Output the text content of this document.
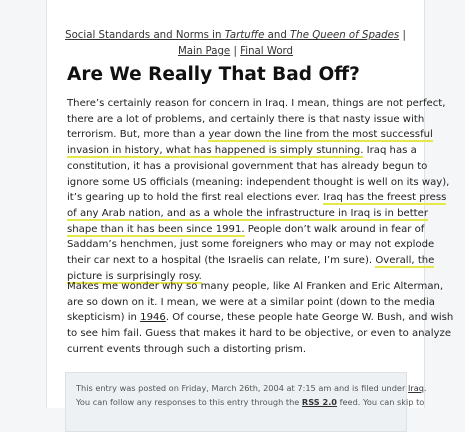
Social Standards and Norms in Tartuffe and The Queen of Spades | Main Page | Final Word
Are We Really That Bad Off?
There’s certainly reason for concern in Iraq. I mean, things are not perfect,
there are a lot of problems, and certainly there is that nasty issue with
terrorism. But, more than a year down the line from the most successful
invasion in history, what has happened is simply stunning. Iraq has a
constitution, it has a provisional government that has already begun to
ignore some US officials (meaning: independent thought is well on its way),
it’s gearing up to hold the first real elections ever. Iraq has the freest press
of any Arab nation, and as a whole the infrastructure in Iraq is in better
shape than it has been since 1991. People don’t walk around in fear of
Saddam’s henchmen, just some foreigners who may or may not explode
their car next to a hospital (the Israelis can relate, I’m sure). Overall, the
picture is surprisingly rosy.
Makes me wonder why so many people, like Al Franken and Eric Alterman,
are so down on it. I mean, we were at a similar point (down to the media
skepticism) in 1946. Of course, these people hate George W. Bush, and wish
to see him fail. Guess that makes it hard to be objective, or even to analyze
current events through such a distorting prism.
This entry was posted on Friday, March 26th, 2004 at 7:15 am and is filed under Iraq.
You can follow any responses to this entry through the RSS 2.0 feed. You can skip to
